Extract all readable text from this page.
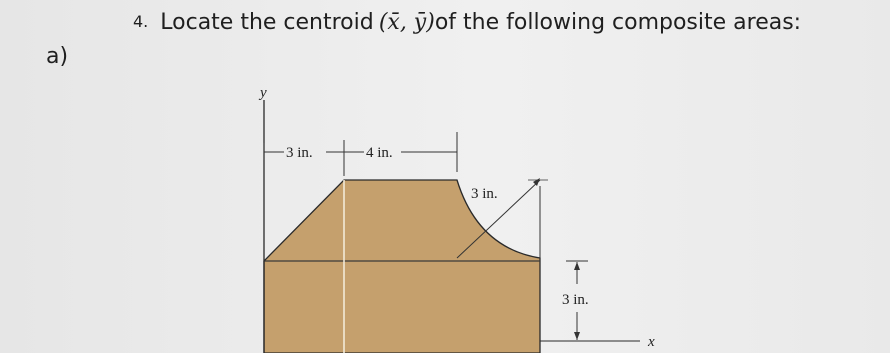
4. Locate the centroid (x̄, ȳ)of the following composite areas:
a)
y
x
3 in.	4 in.
3 in.
3 in.
